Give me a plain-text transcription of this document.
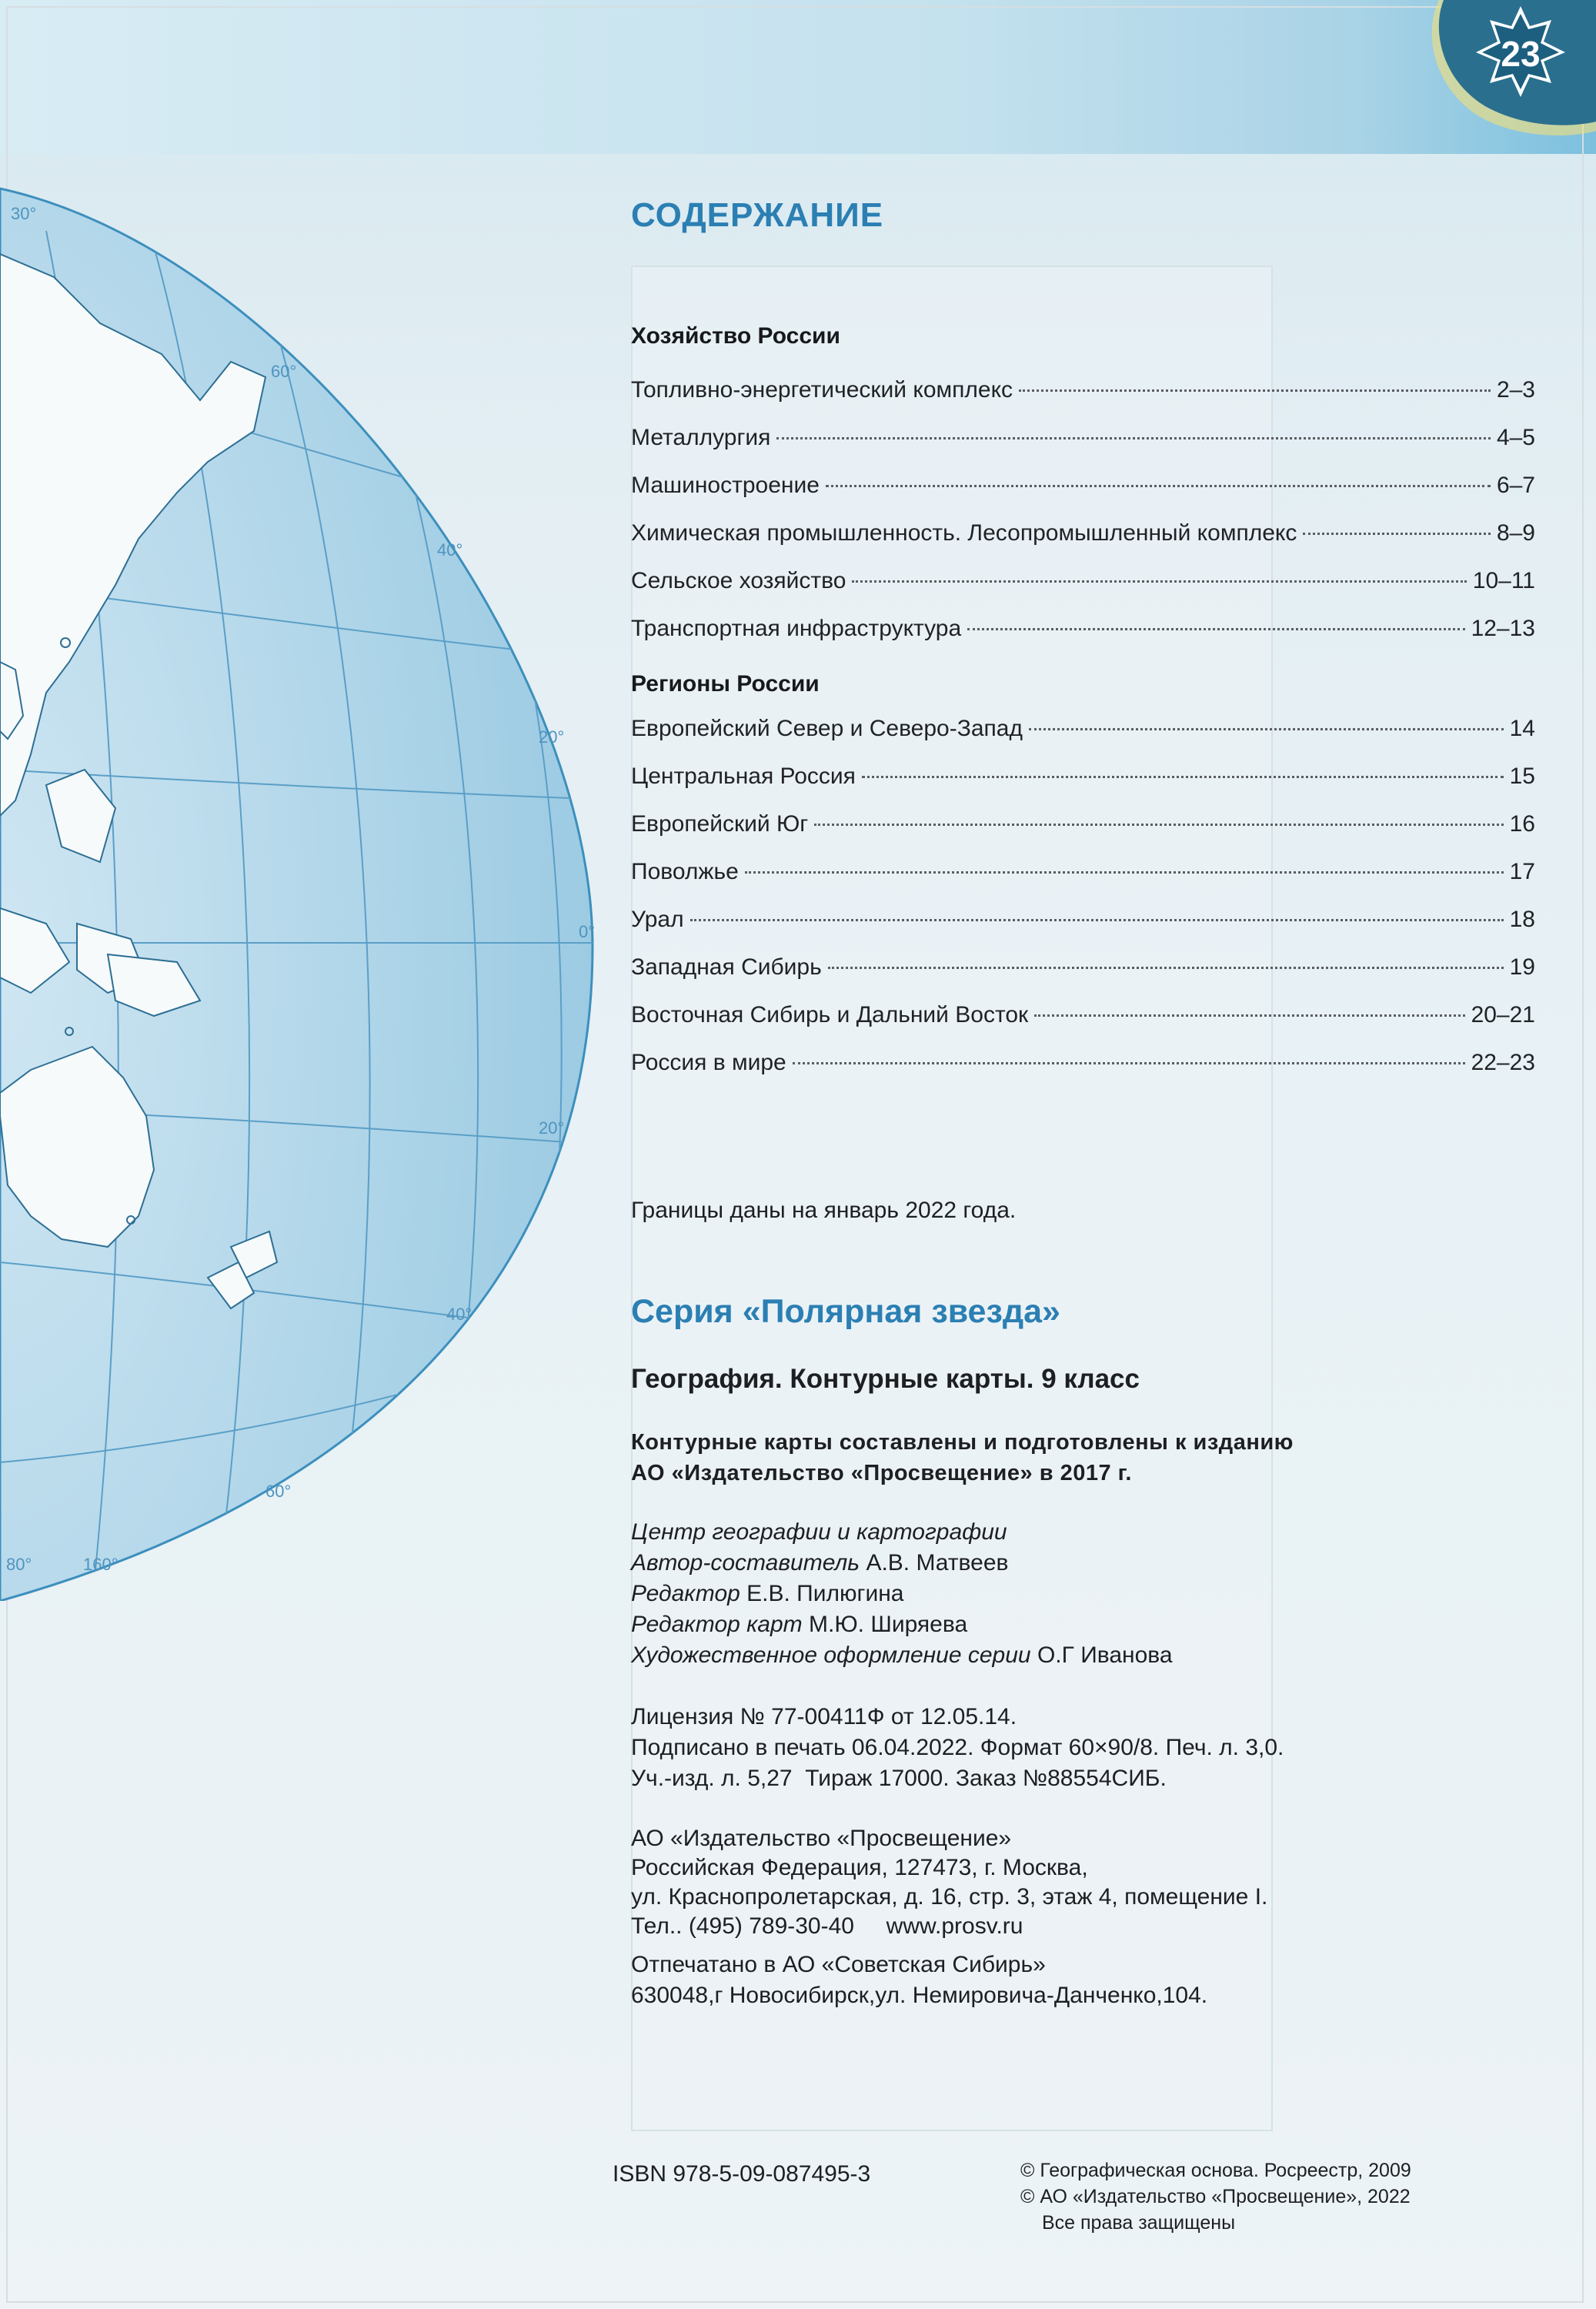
30°
60°
40°
20°
0°
20°
40°
60°
80°	160°
23
СОДЕРЖАНИЕ
Хозяйство России
Топливно-энергетический комплекс	2–3
Металлургия	4–5
Машиностроение	6–7
Химическая промышленность. Лесопромышленный комплекс	8–9
Сельское хозяйство	10–11
Транспортная инфраструктура	12–13
Регионы России
Европейский Север и Северо-Запад	14
Центральная Россия	15
Европейский Юг	16
Поволжье	17
Урал	18
Западная Сибирь	19
Восточная Сибирь и Дальний Восток	20–21
Россия в мире	22–23
Границы даны на январь 2022 года.
Серия «Полярная звезда»
География. Контурные карты. 9 класс
Контурные карты составлены и подготовлены к изданию
АО «Издательство «Просвещение» в 2017 г.
Центр географии и картографии
Автор-составитель А.В. Матвеев
Редактор Е.В. Пилюгина
Редактор карт М.Ю. Ширяева
Художественное оформление серии О.Г Иванова
Лицензия № 77-00411Ф от 12.05.14.
Подписано в печать 06.04.2022. Формат 60×90/8. Печ. л. 3,0.
Уч.-изд. л. 5,27  Тираж 17000. Заказ №88554СИБ.
АО «Издательство «Просвещение»
Российская Федерация, 127473, г. Москва,
ул. Краснопролетарская, д. 16, стр. 3, этаж 4, помещение I.
Тел.. (495) 789-30-40     www.prosv.ru
Отпечатано в АО «Советская Сибирь»
630048,г Новосибирск,ул. Немировича-Данченко,104.
ISBN 978-5-09-087495-3	© Географическая основа. Росреестр, 2009
© АО «Издательство «Просвещение», 2022
Все права защищены
